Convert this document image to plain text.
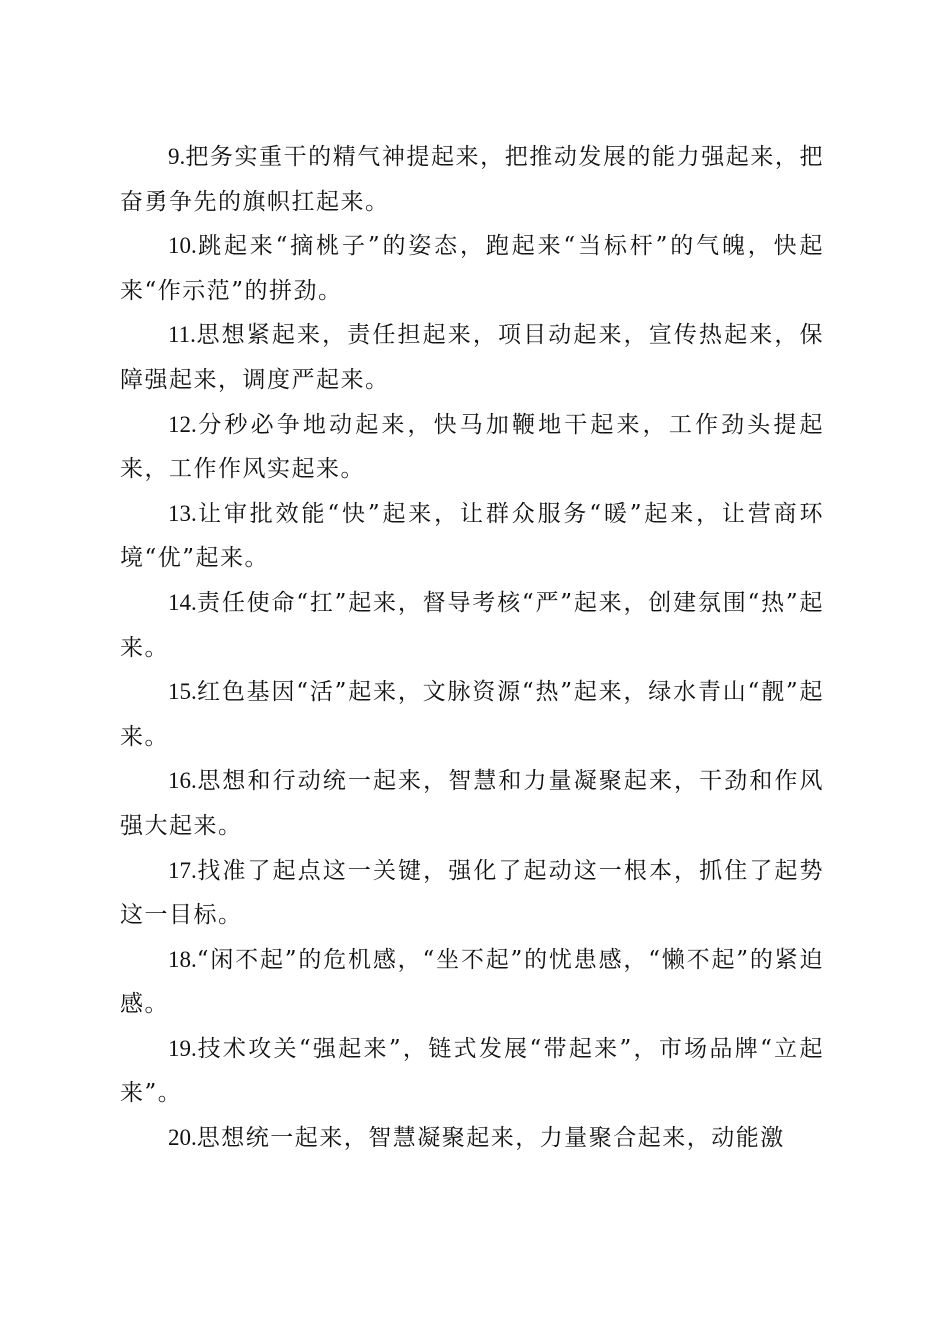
9.把务实重干的精气神提起来，把推动发展的能力强起来，把奋勇争先的旗帜扛起来。

10.跳起来“摘桃子”的姿态，跑起来“当标杆”的气魄，快起来“作示范”的拼劲。

11.思想紧起来，责任担起来，项目动起来，宣传热起来，保障强起来，调度严起来。

12.分秒必争地动起来，快马加鞭地干起来，工作劲头提起来，工作作风实起来。

13.让审批效能“快”起来，让群众服务“暖”起来，让营商环境“优”起来。

14.责任使命“扛”起来，督导考核“严”起来，创建氛围“热”起来。

15.红色基因“活”起来，文脉资源“热”起来，绿水青山“靓”起来。

16.思想和行动统一起来，智慧和力量凝聚起来，干劲和作风强大起来。

17.找准了起点这一关键，强化了起动这一根本，抓住了起势这一目标。

18.“闲不起”的危机感，“坐不起”的忧患感，“懒不起”的紧迫感。

19.技术攻关“强起来”，链式发展“带起来”，市场品牌“立起来”。

20.思想统一起来，智慧凝聚起来，力量聚合起来，动能激
